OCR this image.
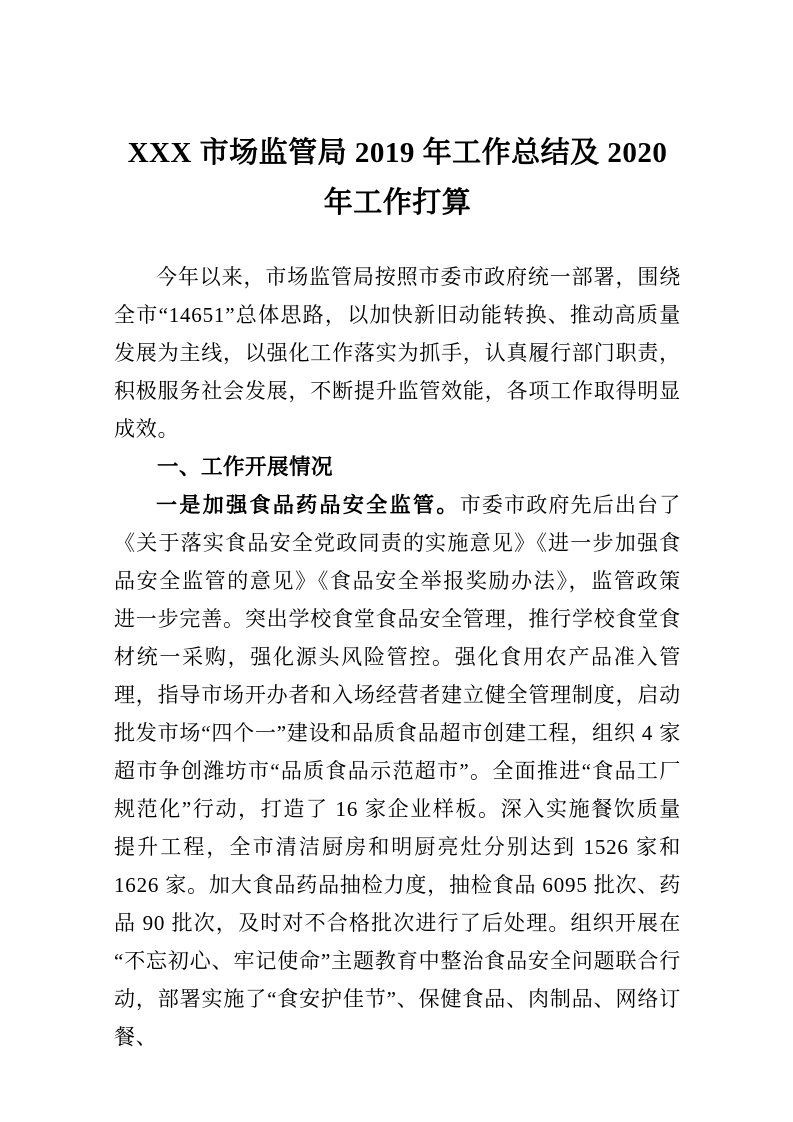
XXX 市场监管局 2019 年工作总结及 2020 年工作打算

今年以来，市场监管局按照市委市政府统一部署，围绕全市“14651”总体思路，以加快新旧动能转换、推动高质量发展为主线，以强化工作落实为抓手，认真履行部门职责，积极服务社会发展，不断提升监管效能，各项工作取得明显成效。

一、工作开展情况

一是加强食品药品安全监管。市委市政府先后出台了《关于落实食品安全党政同责的实施意见》《进一步加强食品安全监管的意见》《食品安全举报奖励办法》，监管政策进一步完善。突出学校食堂食品安全管理，推行学校食堂食材统一采购，强化源头风险管控。强化食用农产品准入管理，指导市场开办者和入场经营者建立健全管理制度，启动批发市场“四个一”建设和品质食品超市创建工程，组织 4 家超市争创潍坊市“品质食品示范超市”。全面推进“食品工厂规范化”行动，打造了 16 家企业样板。深入实施餐饮质量提升工程，全市清洁厨房和明厨亮灶分别达到 1526 家和 1626 家。加大食品药品抽检力度，抽检食品 6095 批次、药品 90 批次，及时对不合格批次进行了后处理。组织开展在“不忘初心、牢记使命”主题教育中整治食品安全问题联合行动，部署实施了“食安护佳节”、保健食品、肉制品、网络订餐、
